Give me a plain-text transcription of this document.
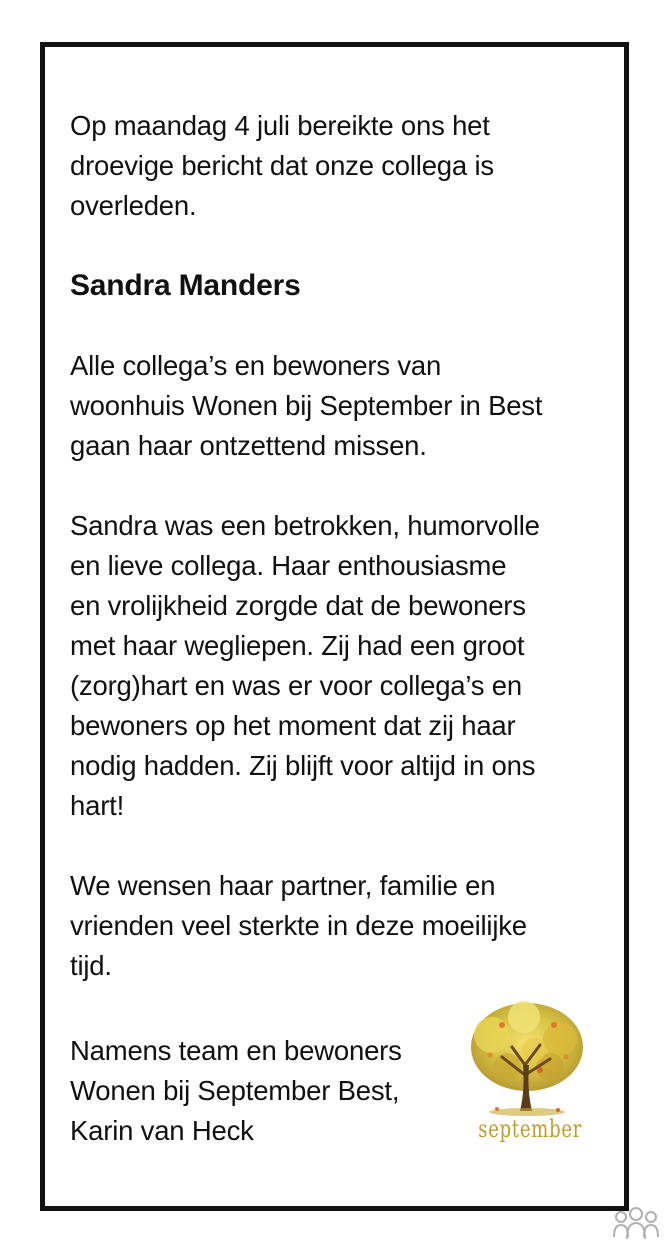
Op maandag 4 juli bereikte ons het
droevige bericht dat onze collega is
overleden.

Sandra Manders

Alle collega’s en bewoners van
woonhuis Wonen bij September in Best
gaan haar ontzettend missen.

Sandra was een betrokken, humorvolle
en lieve collega. Haar enthousiasme
en vrolijkheid zorgde dat de bewoners
met haar wegliepen. Zij had een groot
(zorg)hart en was er voor collega’s en
bewoners op het moment dat zij haar
nodig hadden. Zij blijft voor altijd in ons
hart!

We wensen haar partner, familie en
vrienden veel sterkte in deze moeilijke
tijd.

Namens team en bewoners
Wonen bij September Best,
Karin van Heck	september
